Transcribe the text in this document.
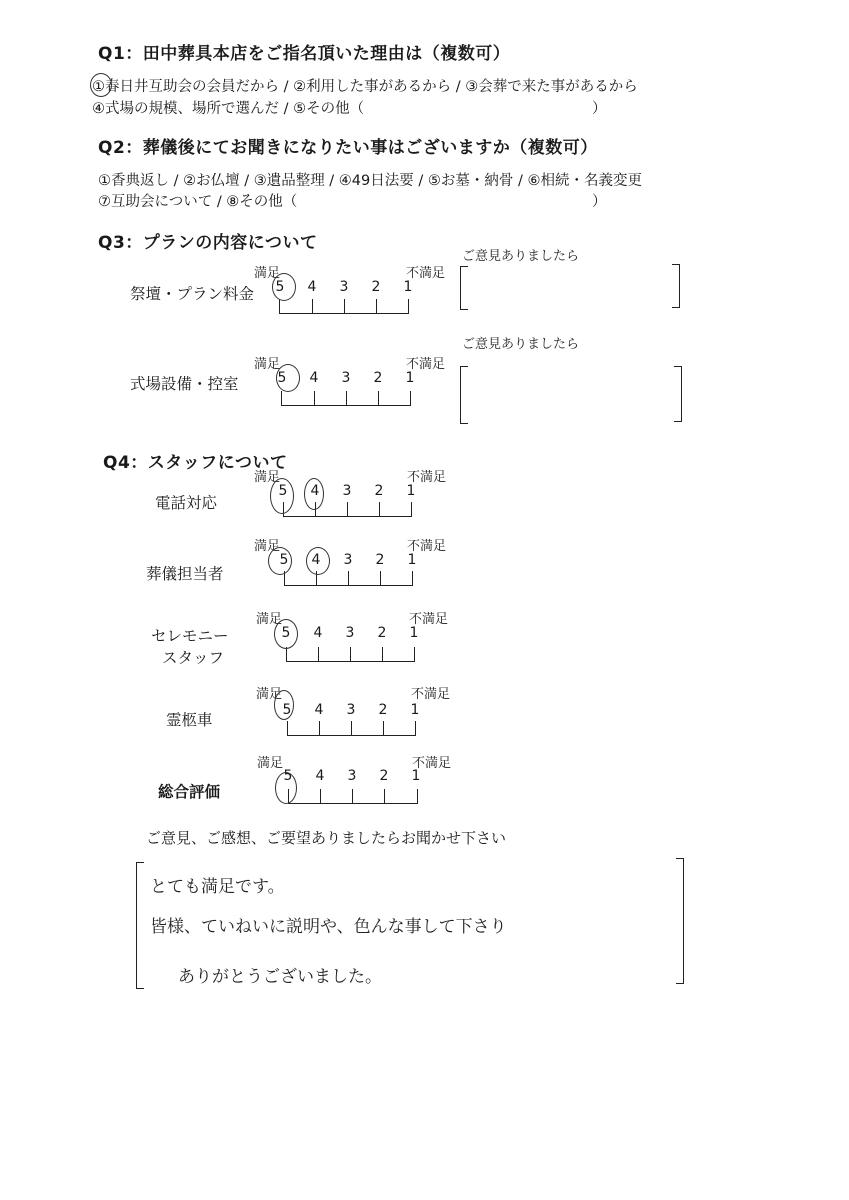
Q1：田中葬具本店をご指名頂いた理由は（複数可）
①春日井互助会の会員だから / ②利用した事があるから / ③会葬で来た事があるから
④式場の規模、場所で選んだ / ⑤その他（	）
Q2：葬儀後にてお聞きになりたい事はございますか（複数可）
①香典返し / ②お仏壇 / ③遺品整理 / ④49日法要 / ⑤お墓・納骨 / ⑥相続・名義変更
⑦互助会について / ⑧その他（	）
Q3：プランの内容について
祭壇・プラン料金
満足	不満足
5	4	3	2	1
ご意見ありましたら
式場設備・控室
満足	不満足
5	4	3	2	1
ご意見ありましたら
Q4：スタッフについて
電話対応
満足	不満足
5	4	3	2	1
葬儀担当者
満足	不満足
5	4	3	2	1
セレモニー
スタッフ
満足	不満足
5	4	3	2	1
霊柩車
満足	不満足
5	4	3	2	1
総合評価
満足	不満足
5	4	3	2	1
ご意見、ご感想、ご要望ありましたらお聞かせ下さい
とても満足です。
皆様、ていねいに説明や、色んな事して下さり
ありがとうございました。
